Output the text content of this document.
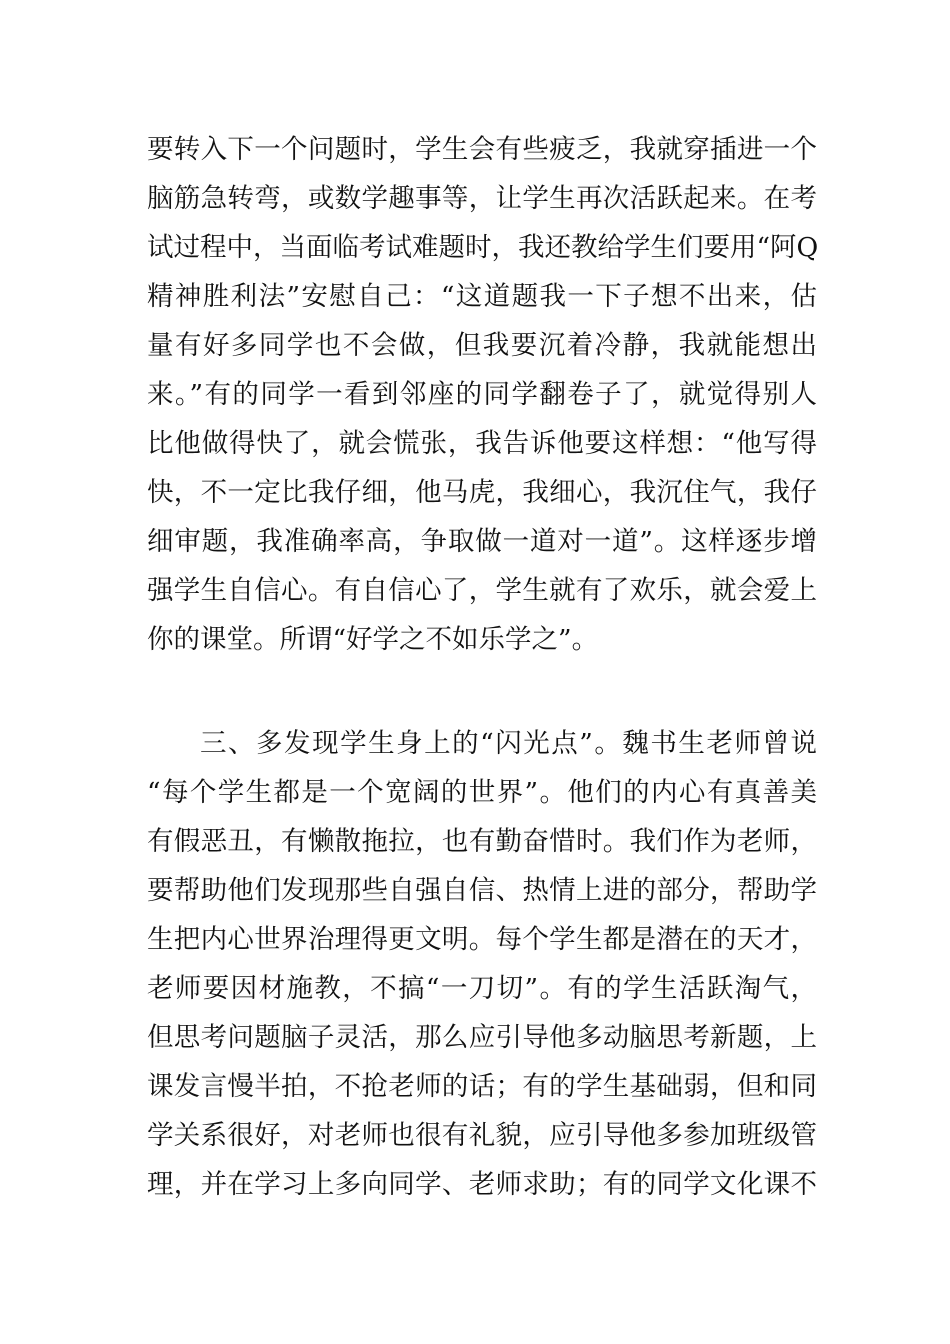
要转入下一个问题时，学生会有些疲乏，我就穿插进一个
脑筋急转弯，或数学趣事等，让学生再次活跃起来。在考
试过程中，当面临考试难题时，我还教给学生们要用“阿Q
精神胜利法”安慰自己：“这道题我一下子想不出来，估
量有好多同学也不会做，但我要沉着冷静，我就能想出
来。”有的同学一看到邻座的同学翻卷子了，就觉得别人
比他做得快了，就会慌张，我告诉他要这样想：“他写得
快，不一定比我仔细，他马虎，我细心，我沉住气，我仔
细审题，我准确率高，争取做一道对一道”。这样逐步增
强学生自信心。有自信心了，学生就有了欢乐，就会爱上
你的课堂。所谓“好学之不如乐学之”。
三、多发现学生身上的“闪光点”。魏书生老师曾说
“每个学生都是一个宽阔的世界”。他们的内心有真善美
有假恶丑，有懒散拖拉，也有勤奋惜时。我们作为老师，
要帮助他们发现那些自强自信、热情上进的部分，帮助学
生把内心世界治理得更文明。每个学生都是潜在的天才，
老师要因材施教，不搞“一刀切”。有的学生活跃淘气，
但思考问题脑子灵活，那么应引导他多动脑思考新题，上
课发言慢半拍，不抢老师的话；有的学生基础弱，但和同
学关系很好，对老师也很有礼貌，应引导他多参加班级管
理，并在学习上多向同学、老师求助；有的同学文化课不
